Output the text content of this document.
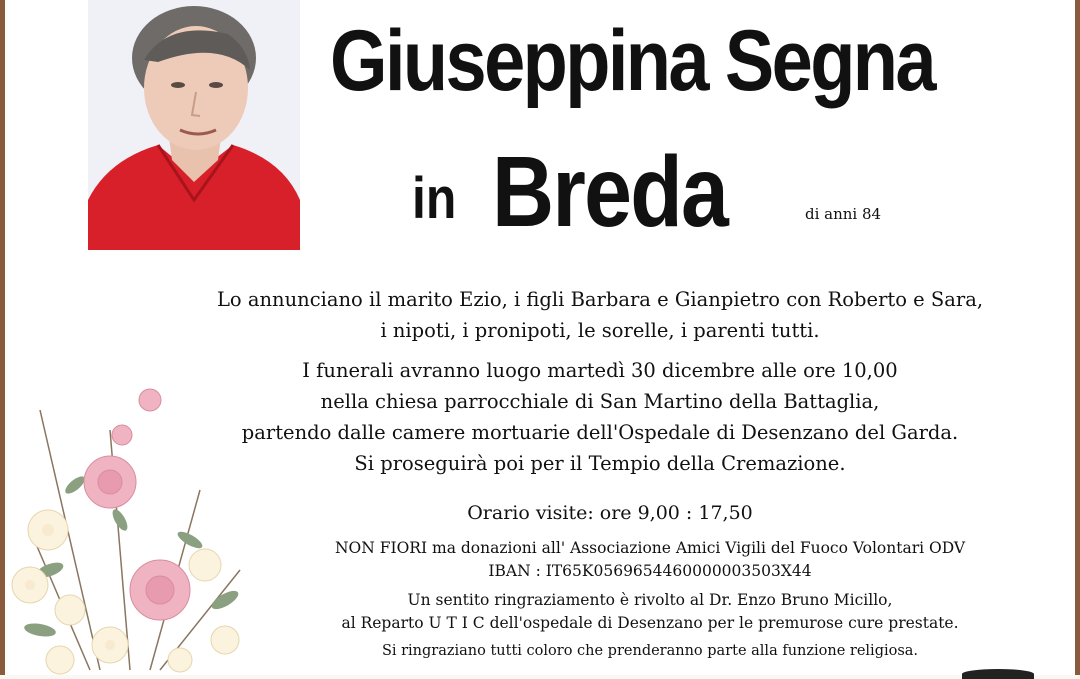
Giuseppina Segna
in Breda	di anni 84
Lo annunciano il marito Ezio, i figli Barbara e Gianpietro con Roberto e Sara,
i nipoti, i pronipoti, le sorelle, i parenti tutti.
I funerali avranno luogo martedì 30 dicembre alle ore 10,00
nella chiesa parrocchiale di San Martino della Battaglia,
partendo dalle camere mortuarie dell'Ospedale di Desenzano del Garda.
Si proseguirà poi per il Tempio della Cremazione.
Orario visite: ore 9,00 : 17,50
NON FIORI ma donazioni all' Associazione Amici Vigili del Fuoco Volontari ODV
IBAN : IT65K0569654460000003503X44
Un sentito ringraziamento è rivolto al Dr. Enzo Bruno Micillo,
al Reparto U T I C dell'ospedale di Desenzano per le premurose cure prestate.
Si ringraziano tutti coloro che prenderanno parte alla funzione religiosa.
